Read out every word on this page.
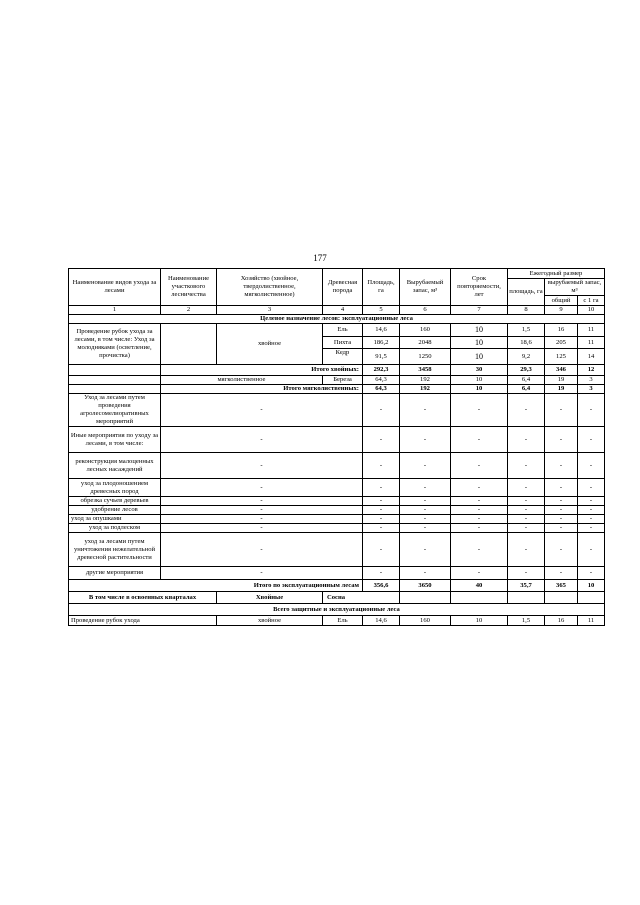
177
Наименование видов ухода за лесами	Наименование участкового лесничества	Хозяйство (хвойное, твердолиственное, мягколиственное)	Древесная порода	Площадь, га	Вырубаемый запас, м³	Срок повторяемости, лет	Ежегодный размер		
							площадь, га	вырубаемый запас, м³	
								общий	с 1 га
1	2	3	4	5	6	7	8	9	10
Целевое назначение лесов: эксплуатационные леса									
Проведение рубок ухода за лесами, в том числе: Уход за молодняками (осветление, прочистка)		хвойное	Ель	14,6	160	10	1,5	16	11
			Пихта	186,2	2048	10	18,6	205	11
			Кедр	91,5	1250	10	9,2	125	14
	Итого хвойных:			292,3	3458	30	29,3	346	12
	мягколиственное		Береза	64,3	192	10	6,4	19	3
	Итого мягколиственных:			64,3	192	10	6,4	19	3
Уход за лесами путем проведения агролесомелиоративных мероприятий	-			-	-	-	-	-	-
Иные мероприятия по уходу за лесами, в том числе:	-			-	-	-	-	-	-
реконструкция малоценных лесных насаждений	-			-	-	-	-	-	-
уход за плодоношением древесных пород	-			-	-	-	-	-	-
обрезка сучьев деревьев	-			-	-	-	-	-	-
удобрение лесов	-			-	-	-	-	-	-
уход за опушками	-			-	-	-	-	-	-
уход за подлеском	-			-	-	-	-	-	-
уход за лесами путем уничтожения нежелательной древесной растительности	-			-	-	-	-	-	-
другие мероприятия	-			-	-	-	-	-	-
Итого по эксплуатационным лесам				356,6	3650	40	35,7	365	10
В том числе в освоенных кварталах		Хвойные	Сосна						
Всего защитные и эксплуатационные леса									
Проведение рубок ухода		хвойное	Ель	14,6	160	10	1,5	16	11
